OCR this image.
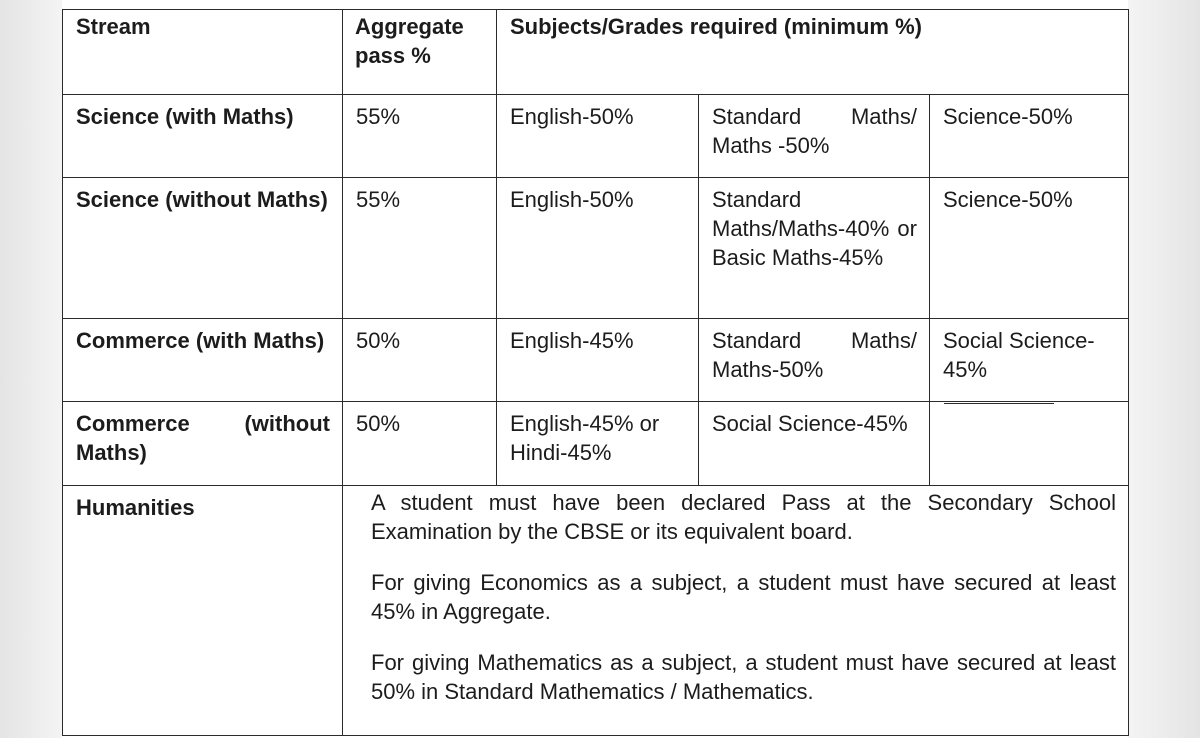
Stream	Aggregate pass %	Subjects/Grades required (minimum %)		

Science (with Maths)	55%	English-50%	Standard Maths/ Maths -50%	Science-50%

Science (without Maths)	55%	English-50%	Standard Maths/Maths-40% or Basic Maths-45%	Science-50%

Commerce (with Maths)	50%	English-45%	Standard Maths/ Maths-50%	Social Science-45%

Commerce (without Maths)	50%	English-45% or Hindi-45%	Social Science-45%	

Humanities	A student must have been declared Pass at the Secondary School Examination by the CBSE or its equivalent board.

For giving Economics as a subject, a student must have secured at least 45% in Aggregate.

For giving Mathematics as a subject, a student must have secured at least 50% in Standard Mathematics / Mathematics.			
